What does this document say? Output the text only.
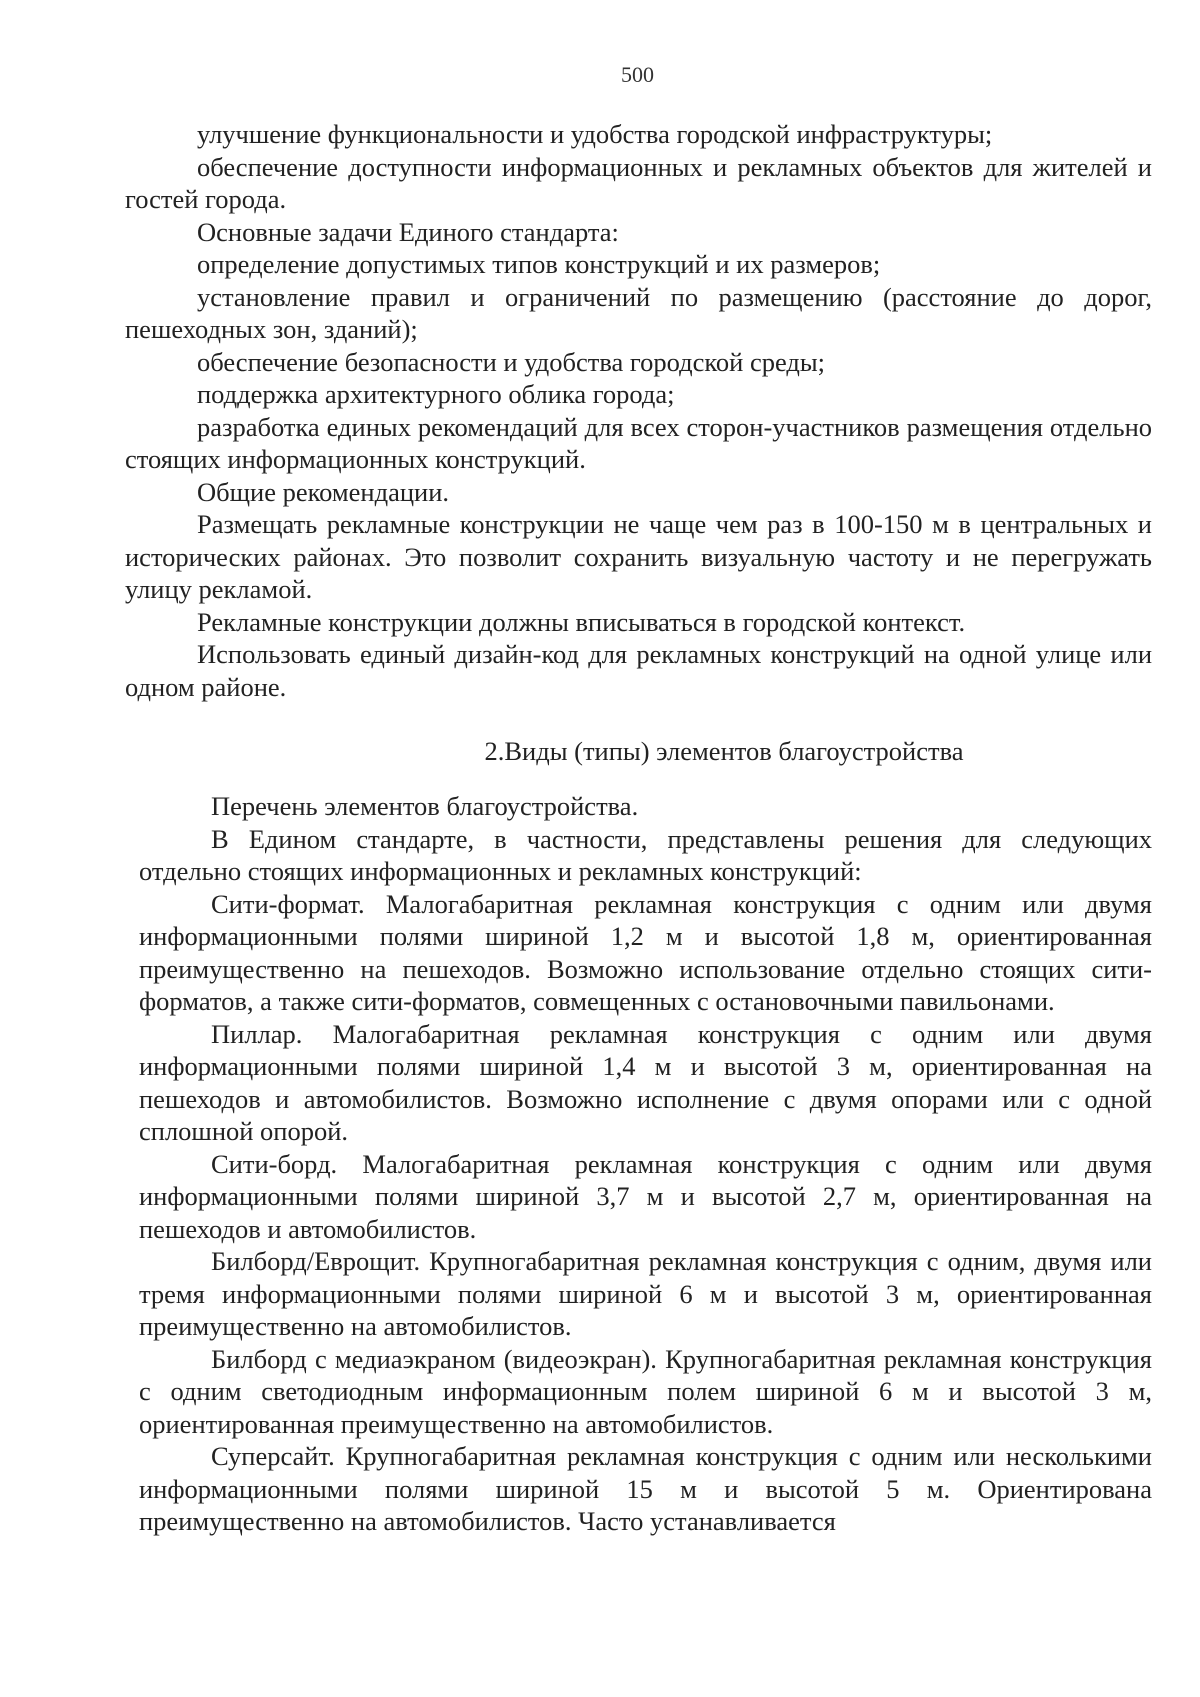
500

улучшение функциональности и удобства городской инфраструктуры;

обеспечение доступности информационных и рекламных объектов для жителей и гостей города.

Основные задачи Единого стандарта:

определение допустимых типов конструкций и их размеров;

установление правил и ограничений по размещению (расстояние до дорог, пешеходных зон, зданий);

обеспечение безопасности и удобства городской среды;

поддержка архитектурного облика города;

разработка единых рекомендаций для всех сторон-участников размещения отдельно стоящих информационных конструкций.

Общие рекомендации.

Размещать рекламные конструкции не чаще чем раз в 100-150 м в центральных и исторических районах. Это позволит сохранить визуальную частоту и не перегружать улицу рекламой.

Рекламные конструкции должны вписываться в городской контекст.

Использовать единый дизайн-код для рекламных конструкций на одной улице или одном районе.

2.Виды (типы) элементов благоустройства

Перечень элементов благоустройства.

В Едином стандарте, в частности, представлены решения для следующих отдельно стоящих информационных и рекламных конструкций:

Сити-формат. Малогабаритная рекламная конструкция с одним или двумя информационными полями шириной 1,2 м и высотой 1,8 м, ориентированная преимущественно на пешеходов. Возможно использование отдельно стоящих сити-форматов, а также сити-форматов, совмещенных с остановочными павильонами.

Пиллар. Малогабаритная рекламная конструкция с одним или двумя информационными полями шириной 1,4 м и высотой 3 м, ориентированная на пешеходов и автомобилистов. Возможно исполнение с двумя опорами или с одной сплошной опорой.

Сити-борд. Малогабаритная рекламная конструкция с одним или двумя информационными полями шириной 3,7 м и высотой 2,7 м, ориентированная на пешеходов и автомобилистов.

Билборд/Еврощит. Крупногабаритная рекламная конструкция с одним, двумя или тремя информационными полями шириной 6 м и высотой 3 м, ориентированная преимущественно на автомобилистов.

Билборд с медиаэкраном (видеоэкран). Крупногабаритная рекламная конструкция с одним светодиодным информационным полем шириной 6 м и высотой 3 м, ориентированная преимущественно на автомобилистов.

Суперсайт. Крупногабаритная рекламная конструкция с одним или несколькими информационными полями шириной 15 м и высотой 5 м. Ориентирована преимущественно на автомобилистов. Часто устанавливается
